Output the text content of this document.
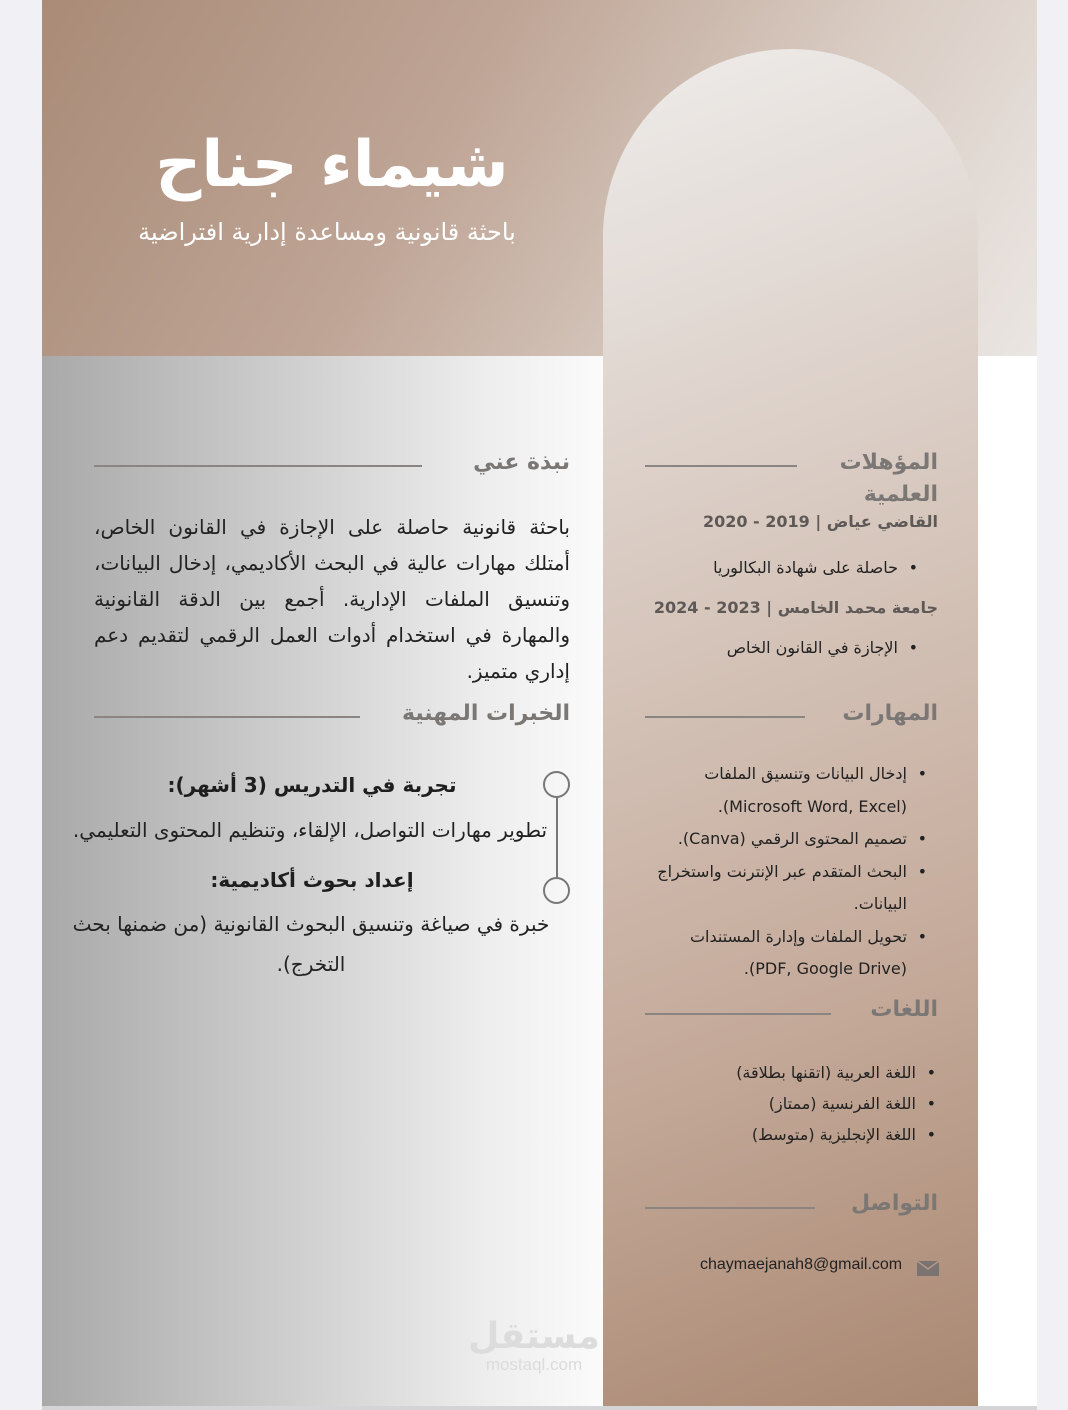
شيماء جناح
باحثة قانونية ومساعدة إدارية افتراضية
المؤهلات
العلمية
القاضي عياض | 2019 - 2020
• حاصلة على شهادة البكالوريا
جامعة محمد الخامس | 2023 - 2024
• الإجازة في القانون الخاص
المهارات
• إدخال البيانات وتنسيق الملفات (Microsoft Word, Excel).
• تصميم المحتوى الرقمي (Canva).
• البحث المتقدم عبر الإنترنت واستخراج البيانات.
• تحويل الملفات وإدارة المستندات (PDF, Google Drive).
اللغات
• اللغة العربية (اتقنها بطلاقة)
• اللغة الفرنسية (ممتاز)
• اللغة الإنجليزية (متوسط)
التواصل
chaymaejanah8@gmail.com
نبذة عني
باحثة قانونية حاصلة على الإجازة في القانون الخاص، أمتلك مهارات عالية في البحث الأكاديمي، إدخال البيانات، وتنسيق الملفات الإدارية. أجمع بين الدقة القانونية والمهارة في استخدام أدوات العمل الرقمي لتقديم دعم إداري متميز.
الخبرات المهنية
تجربة في التدريس (3 أشهر):
تطوير مهارات التواصل، الإلقاء، وتنظيم المحتوى التعليمي.
إعداد بحوث أكاديمية:
خبرة في صياغة وتنسيق البحوث القانونية (من ضمنها بحث التخرج).
مستقل
mostaql.com
